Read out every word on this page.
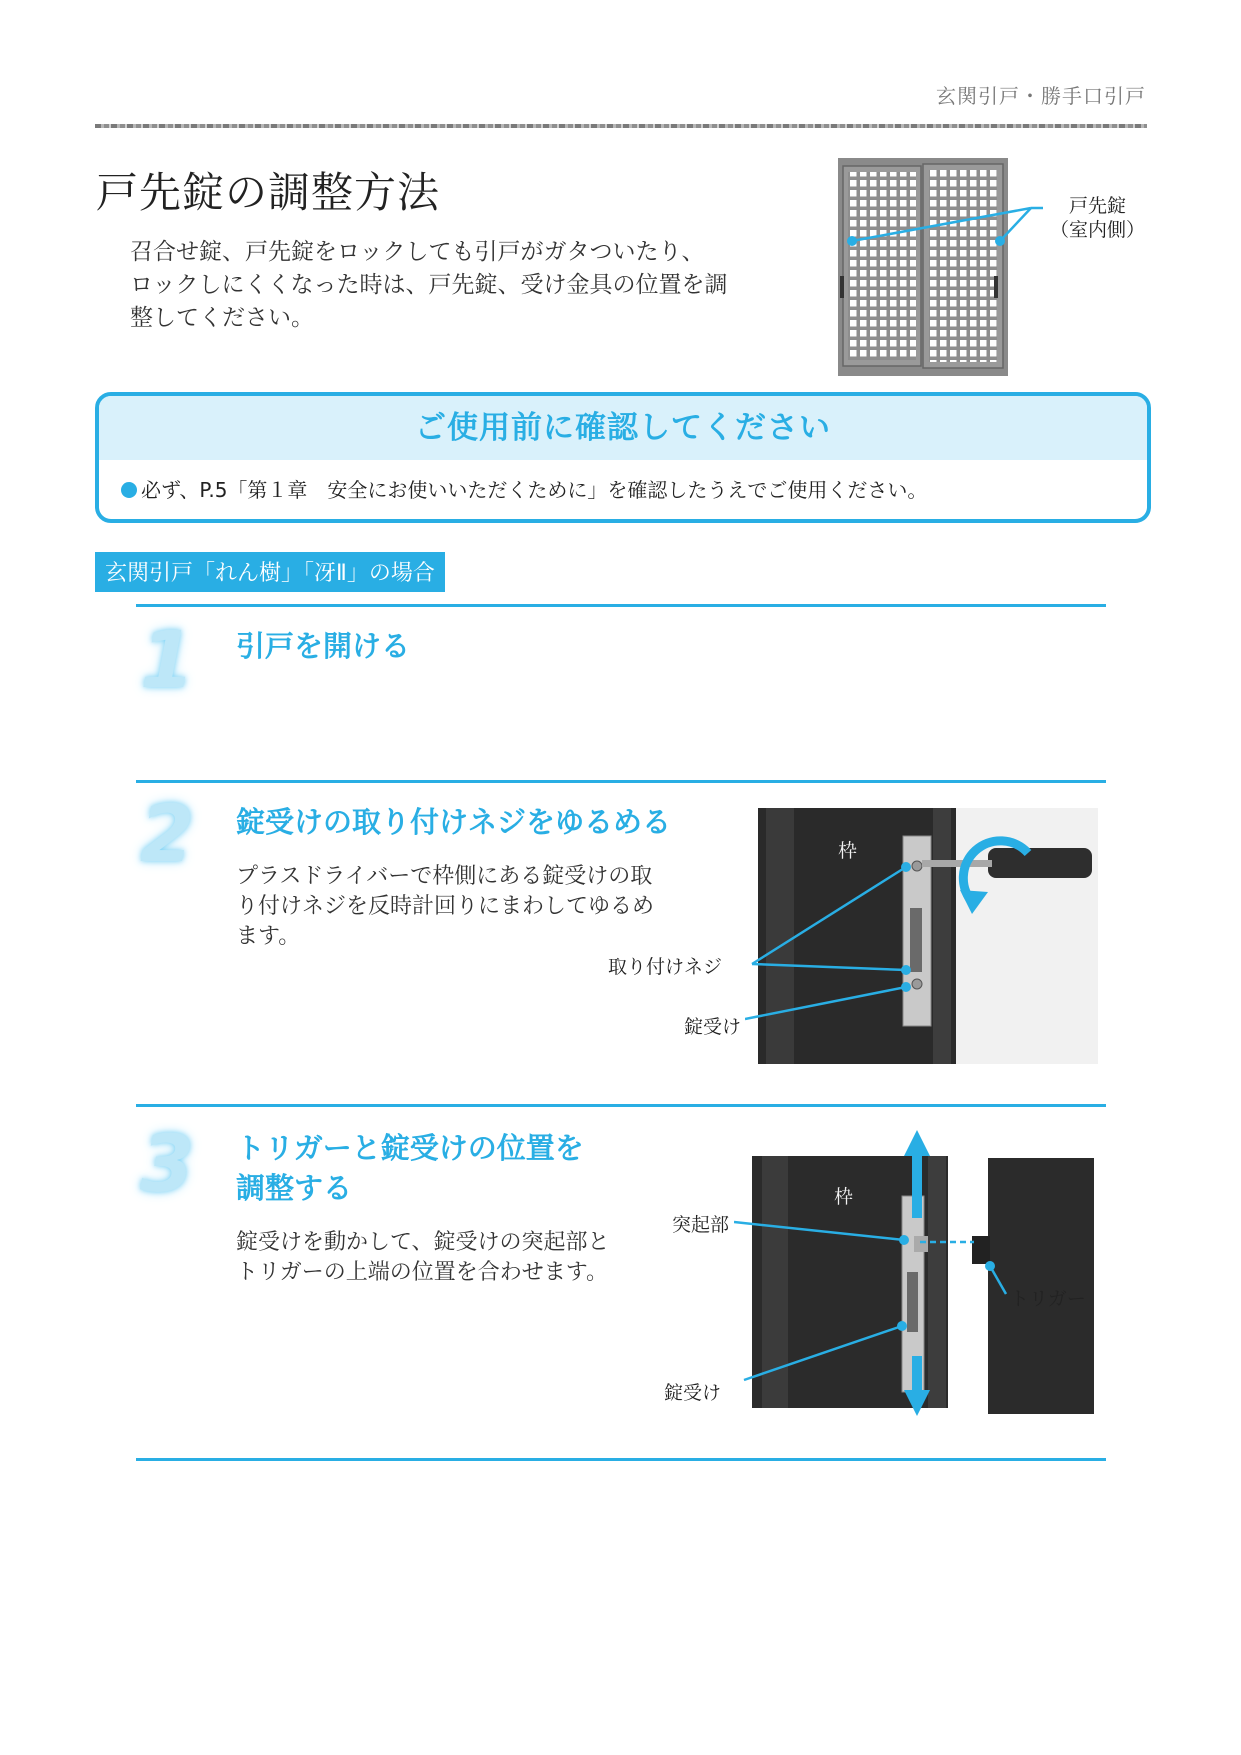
玄関引戸・勝手口引戸
戸先錠の調整方法
召合せ錠、戸先錠をロックしても引戸がガタついたり、
ロックしにくくなった時は、戸先錠、受け金具の位置を調
整してください。
戸先錠
（室内側）
ご使用前に確認してください
必ず、P.5「第１章　安全にお使いいただくために」を確認したうえでご使用ください。
玄関引戸「れん樹」「冴Ⅱ」の場合
1 引戸を開ける
2 錠受けの取り付けネジをゆるめる
プラスドライバーで枠側にある錠受けの取
り付けネジを反時計回りにまわしてゆるめ
ます。
枠
取り付けネジ
錠受け
3 トリガーと錠受けの位置を
調整する
錠受けを動かして、錠受けの突起部と
トリガーの上端の位置を合わせます。
枠
突起部
トリガー
錠受け
